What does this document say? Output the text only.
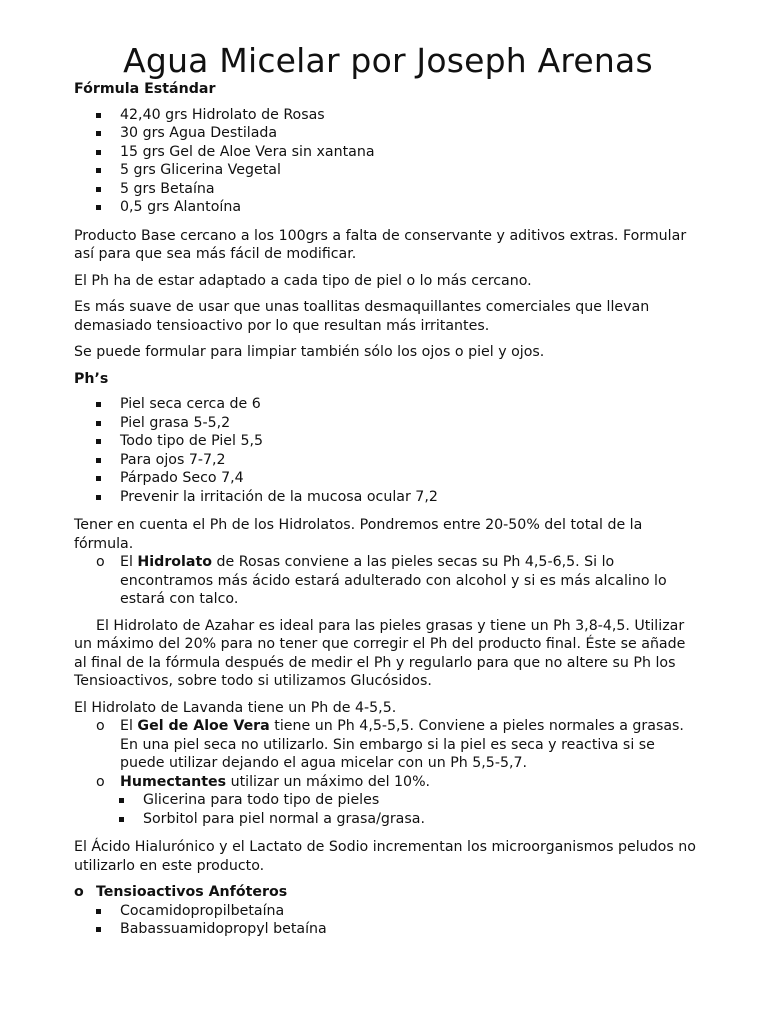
Agua Micelar por Joseph Arenas

Fórmula Estándar

42,40 grs Hidrolato de Rosas
30 grs Agua Destilada
15 grs Gel de Aloe Vera sin xantana
5 grs Glicerina Vegetal
5 grs Betaína
0,5 grs Alantoína

Producto Base cercano a los 100grs a falta de conservante y aditivos extras. Formular así para que sea más fácil de modificar.

El Ph ha de estar adaptado a cada tipo de piel o lo más cercano.

Es más suave de usar que unas toallitas desmaquillantes comerciales que llevan demasiado tensioactivo por lo que resultan más irritantes.

Se puede formular para limpiar también sólo los ojos o piel y ojos.

Ph’s

Piel seca cerca de 6
Piel grasa 5-5,2
Todo tipo de Piel 5,5
Para ojos 7-7,2
Párpado Seco 7,4
Prevenir la irritación de la mucosa ocular 7,2

Tener en cuenta el Ph de los Hidrolatos. Pondremos entre 20-50% del total de la fórmula.

o El Hidrolato de Rosas conviene a las pieles secas su Ph 4,5-6,5. Si lo encontramos más ácido estará adulterado con alcohol y si es más alcalino lo estará con talco.

El Hidrolato de Azahar es ideal para las pieles grasas y tiene un Ph 3,8-4,5. Utilizar un máximo del 20% para no tener que corregir el Ph del producto final. Éste se añade al final de la fórmula después de medir el Ph y regularlo para que no altere su Ph los Tensioactivos, sobre todo si utilizamos Glucósidos.

El Hidrolato de Lavanda tiene un Ph de 4-5,5.

o El Gel de Aloe Vera tiene un Ph 4,5-5,5. Conviene a pieles normales a grasas. En una piel seca no utilizarlo. Sin embargo si la piel es seca y reactiva si se puede utilizar dejando el agua micelar con un Ph 5,5-5,7.
o Humectantes utilizar un máximo del 10%.
Glicerina para todo tipo de pieles
Sorbitol para piel normal a grasa/grasa.

El Ácido Hialurónico y el Lactato de Sodio incrementan los microorganismos peludos no utilizarlo en este producto.

o Tensioactivos Anfóteros
Cocamidopropilbetaína
Babassuamidopropyl betaína
